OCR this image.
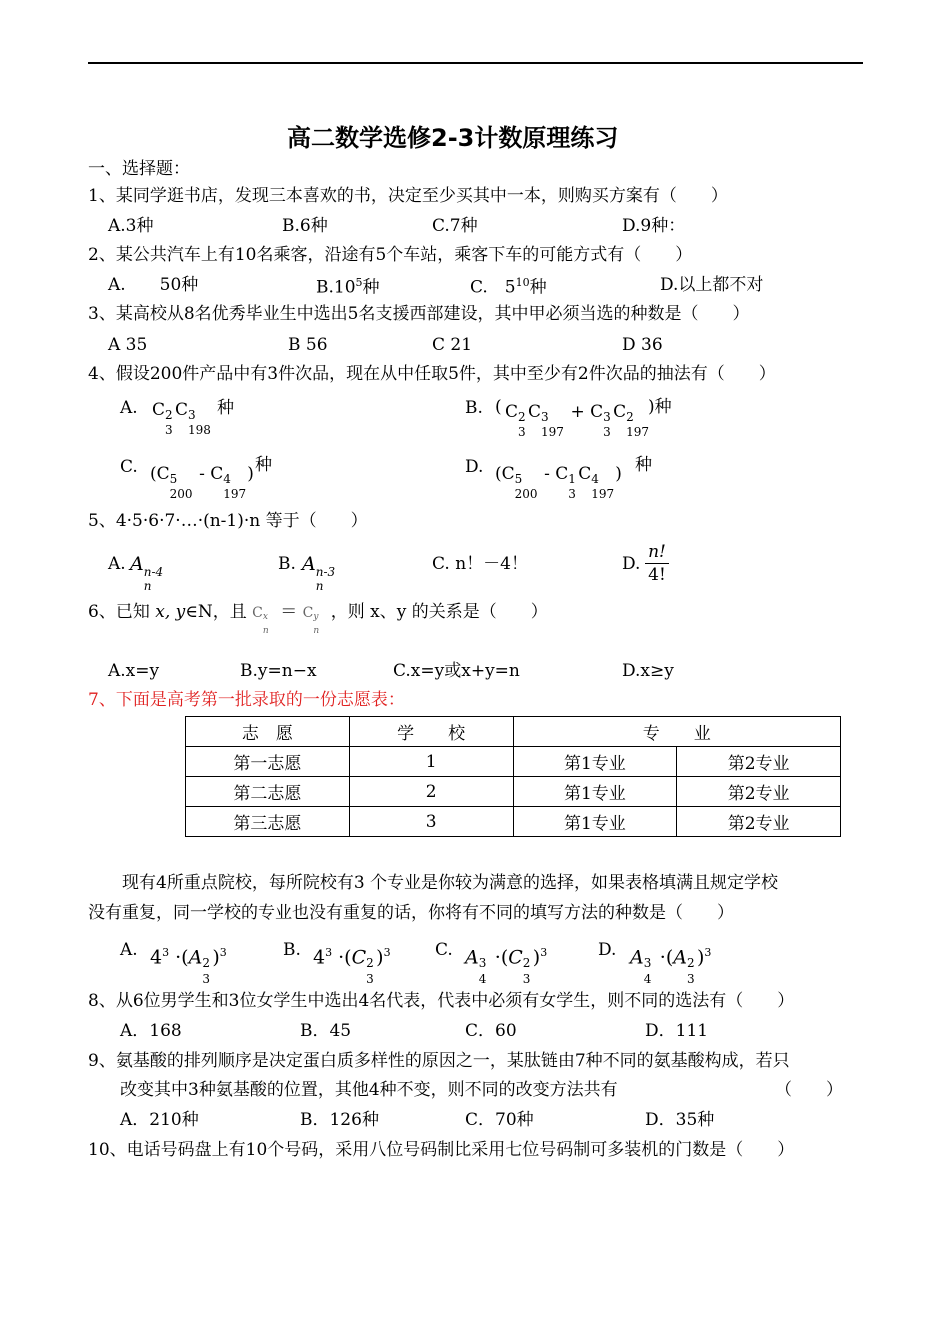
高二数学选修2-3计数原理练习
一、选择题：
1、某同学逛书店，发现三本喜欢的书，决定至少买其中一本，则购买方案有（　　）
A.3种	B.6种	C.7种	D.9种：
2、某公共汽车上有10名乘客，沿途有5个车站，乘客下车的可能方式有（　　）
A.　　50种	$B.10^5$种	C.　$5^{10}$种	D.以上都不对
3、某高校从8名优秀毕业生中选出5名支援西部建设，其中甲必须当选的种数是（　　）
A 35	B 56	C 21	D 36
4、假设200件产品中有3件次品，现在从中任取5件，其中至少有2件次品的抽法有（　　）
A. C 2
3
C 3
198
种	B. ( C 2
3
C 3
197
+ C 3
3
C 2
197
)种
C. (C 5
200
- C 4
197
) 种	D. (C 5
200
- C 1
3
C 4
197
) 种
5、4·5·6·7·…·(n-1)·n 等于（　　）
A. A n-4
n
B. A n-3
n
C. n！－4！	D.
n!
4!
6、已知 x, y∈N，且 C x
n
＝ C y
n
，则 x、y 的关系是（　　）
A.x=y	B.y=n−x	C.x=y或x+y=n	D.x≥y
7、下面是高考第一批录取的一份志愿表：
志　愿	学　　校	专　　业	
第一志愿	1	第1专业	第2专业
第二志愿	2	第1专业	第2专业
第三志愿	3	第1专业	第2专业
现有4所重点院校，每所院校有3 个专业是你较为满意的选择，如果表格填满且规定学校
没有重复，同一学校的专业也没有重复的话，你将有不同的填写方法的种数是（　　）
A. $4^3 \cdot(A$ 2
3
)$^3$	B. $4^3 \cdot(C$ 2
3
)$^3$	C. A 3
4
·(C 2
3
)$^3$	D. A 3
4
·(A 2
3
)$^3$
8、从6位男学生和3位女学生中选出4名代表，代表中必须有女学生，则不同的选法有（　　）
A．168	B．45	C．60	D．111
9、氨基酸的排列顺序是决定蛋白质多样性的原因之一，某肽链由7种不同的氨基酸构成，若只
改变其中3种氨基酸的位置，其他4种不变，则不同的改变方法共有	（　　）
A．210种	B．126种	C．70种	D．35种
10、电话号码盘上有10个号码，采用八位号码制比采用七位号码制可多装机的门数是（　　）
